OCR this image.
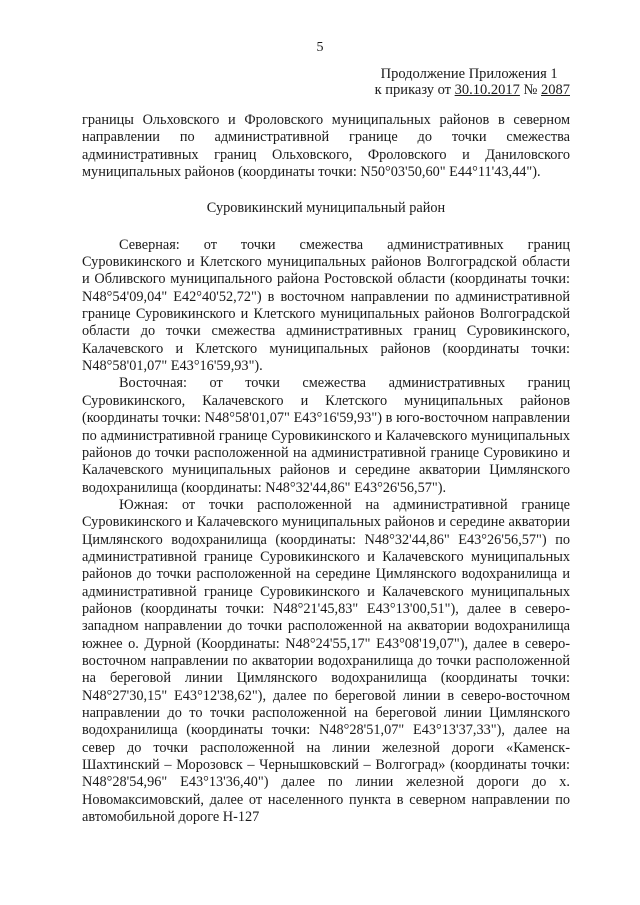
5
Продолжение Приложения 1
к приказу от 30.10.2017 № 2087

границы Ольховского и Фроловского муниципальных районов в северном направлении по административной границе до точки смежества административных границ Ольховского, Фроловского и Даниловского муниципальных районов (координаты точки: N50°03'50,60" E44°11'43,44").

Суровикинский муниципальный район

Северная: от точки смежества административных границ Суровикинского и Клетского муниципальных районов Волгоградской области и Обливского муниципального района Ростовской области (координаты точки: N48°54'09,04" E42°40'52,72") в восточном направлении по административной границе Суровикинского и Клетского муниципальных районов Волгоградской области до точки смежества административных границ Суровикинского, Калачевского и Клетского муниципальных районов (координаты точки: N48°58'01,07" E43°16'59,93").

Восточная: от точки смежества административных границ Суровикинского, Калачевского и Клетского муниципальных районов (координаты точки: N48°58'01,07" E43°16'59,93") в юго-восточном направлении по административной границе Суровикинского и Калачевского муниципальных районов до точки расположенной на административной границе Суровикино и Калачевского муниципальных районов и середине акватории Цимлянского водохранилища (координаты: N48°32'44,86" E43°26'56,57").

Южная: от точки расположенной на административной границе Суровикинского и Калачевского муниципальных районов и середине акватории Цимлянского водохранилища (координаты: N48°32'44,86" E43°26'56,57") по административной границе Суровикинского и Калачевского муниципальных районов до точки расположенной на середине Цимлянского водохранилища и административной границе Суровикинского и Калачевского муниципальных районов (координаты точки: N48°21'45,83" E43°13'00,51"), далее в северо-западном направлении до точки расположенной на акватории водохранилища южнее о. Дурной (Координаты: N48°24'55,17" E43°08'19,07"), далее в северо-восточном направлении по акватории водохранилища до точки расположенной на береговой линии Цимлянского водохранилища (координаты точки: N48°27'30,15" E43°12'38,62"), далее по береговой линии в северо-восточном направлении до то точки расположенной на береговой линии Цимлянского водохранилища (координаты точки: N48°28'51,07" E43°13'37,33"), далее на север до точки расположенной на линии железной дороги «Каменск-Шахтинский – Морозовск – Чернышковский – Волгоград» (координаты точки: N48°28'54,96" E43°13'36,40") далее по линии железной дороги до х. Новомаксимовский, далее от населенного пункта в северном направлении по автомобильной дороге Н-127
